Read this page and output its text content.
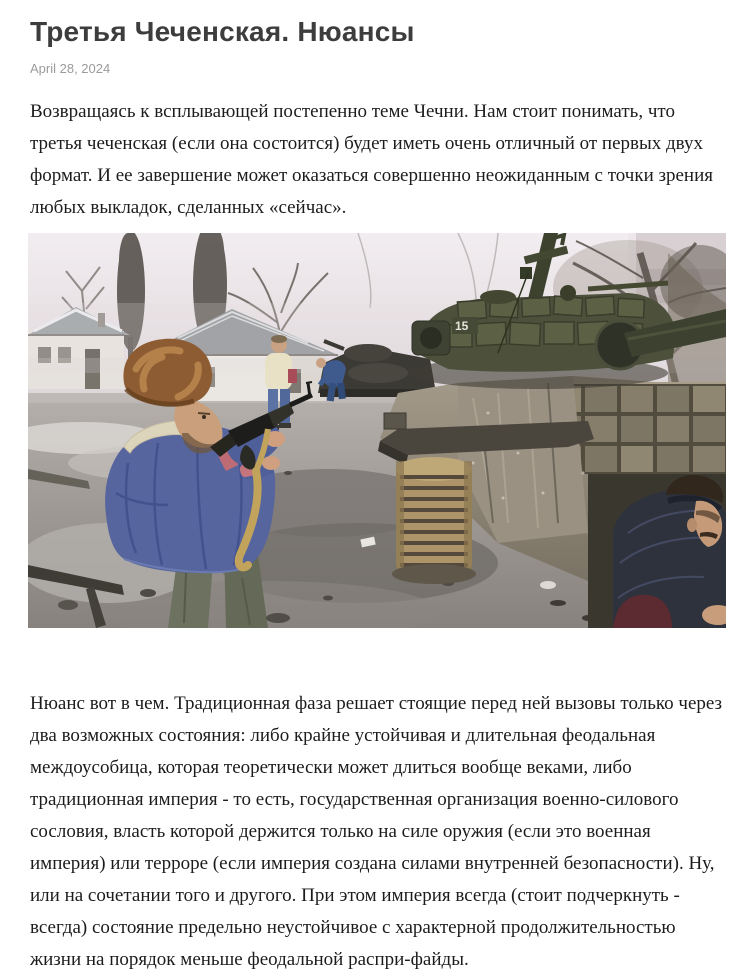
Третья Чеченская. Нюансы
April 28, 2024

Возвращаясь к всплывающей постепенно теме Чечни. Нам стоит понимать, что третья чеченская (если она состоится) будет иметь очень отличный от первых двух формат. И ее завершение может оказаться совершенно неожиданным с точки зрения любых выкладок, сделанных «сейчас».

15

Нюанс вот в чем. Традиционная фаза решает стоящие перед ней вызовы только через два возможных состояния: либо крайне устойчивая и длительная феодальная междоусобица, которая теоретически может длиться вообще веками, либо традиционная империя - то есть, государственная организация военно-силового сословия, власть которой держится только на силе оружия (если это военная империя) или терроре (если империя создана силами внутренней безопасности). Ну, или на сочетании того и другого. При этом империя всегда (стоит подчеркнуть - всегда) состояние предельно неустойчивое с характерной продолжительностью жизни на порядок меньше феодальной распри-файды.
